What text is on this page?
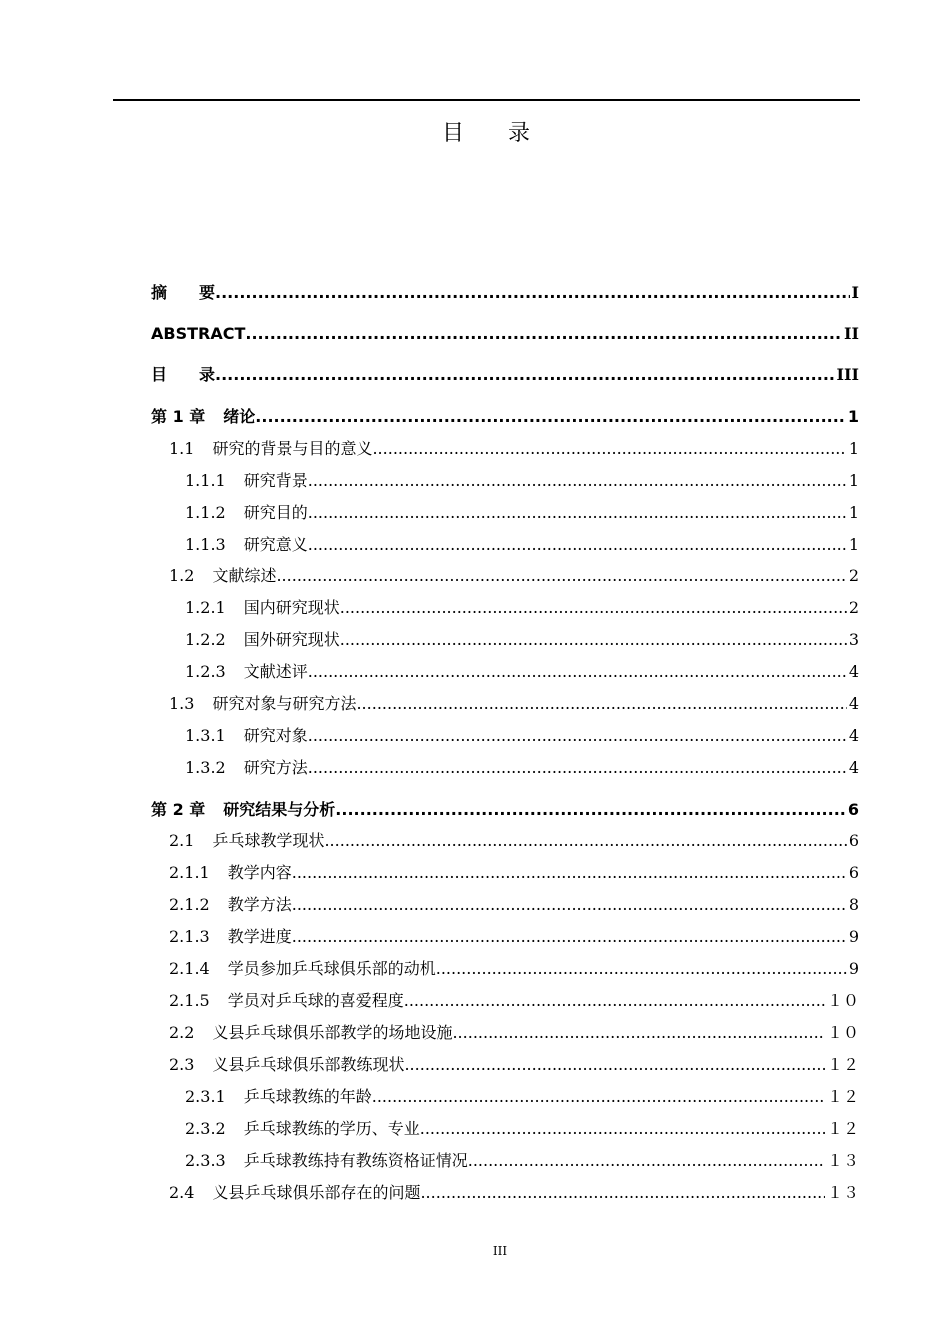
目　　录
摘　　要 .....	I
ABSTRACT .....	II
目　　录 .....	III
第 1 章 绪论 .....	1
1.1 研究的背景与目的意义 .....	1
1.1.1 研究背景 .....	1
1.1.2 研究目的 .....	1
1.1.3 研究意义 .....	1
1.2 文献综述 .....	2
1.2.1 国内研究现状 .....	2
1.2.2 国外研究现状 .....	3
1.2.3 文献述评 .....	4
1.3 研究对象与研究方法 .....	4
1.3.1 研究对象 .....	4
1.3.2 研究方法 .....	4
第 2 章 研究结果与分析 .....	6
2.1 乒乓球教学现状 .....	6
2.1.1 教学内容 .....	6
2.1.2 教学方法 .....	8
2.1.3 教学进度 .....	9
2.1.4 学员参加乒乓球俱乐部的动机 .....	9
2.1.5 学员对乒乓球的喜爱程度 .....	１０
2.2 义县乒乓球俱乐部教学的场地设施 .....	１０
2.3 义县乒乓球俱乐部教练现状 .....	１２
2.3.1 乒乓球教练的年龄 .....	１２
2.3.2 乒乓球教练的学历、专业 .....	１２
2.3.3 乒乓球教练持有教练资格证情况 .....	１３
2.4 义县乒乓球俱乐部存在的问题 .....	１３
III
